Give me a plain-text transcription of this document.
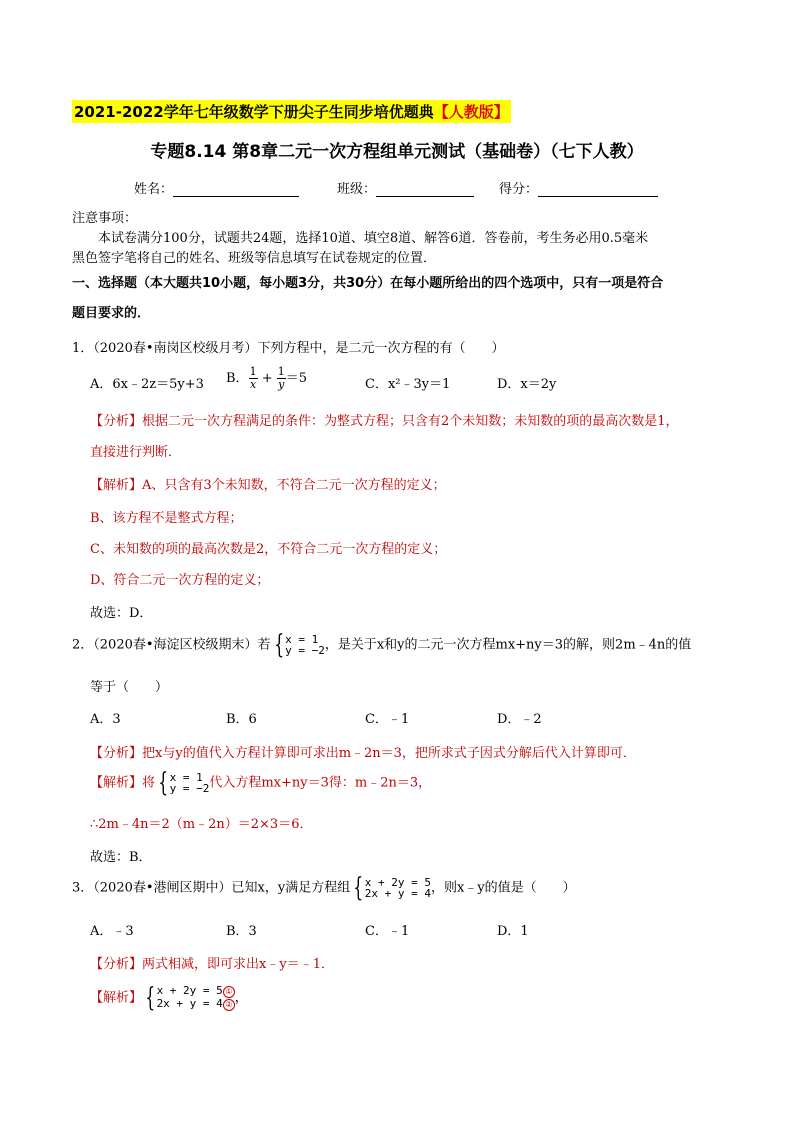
2021-2022学年七年级数学下册尖子生同步培优题典【人教版】
专题8.14 第8章二元一次方程组单元测试（基础卷）（七下人教）
姓名：	班级：	得分：
注意事项：
本试卷满分100分，试题共24题，选择10道、填空8道、解答6道．答卷前，考生务必用0.5毫米
黑色签字笔将自己的姓名、班级等信息填写在试卷规定的位置．
一、选择题（本大题共10小题，每小题3分，共30分）在每小题所给出的四个选项中，只有一项是符合
题目要求的．
1．（2020春•南岗区校级月考）下列方程中，是二元一次方程的有（　　）
A．6x﹣2z＝5y+3 B． $\frac{1}{x} + \frac{1}{y} =5$	C．x²﹣3y＝1	D．x＝2y
【分析】根据二元一次方程满足的条件：为整式方程；只含有2个未知数；未知数的项的最高次数是1，
直接进行判断．
【解析】A、只含有3个未知数，不符合二元一次方程的定义；
B、该方程不是整式方程；
C、未知数的项的最高次数是2，不符合二元一次方程的定义；
D、符合二元一次方程的定义；
故选：D．
2．（2020春•海淀区校级期末）若 { x = 1
y = −2 ，是关于x和y的二元一次方程mx+ny＝3的解，则2m﹣4n的值
等于（　　）
A．3	B．6	C．﹣1	D．﹣2
【分析】把x与y的值代入方程计算即可求出m﹣2n＝3，把所求式子因式分解后代入计算即可．
【解析】将 { x = 1
y = −2 代入方程mx+ny＝3得：m﹣2n＝3，
∴2m﹣4n＝2（m﹣2n）＝2×3＝6．
故选：B．
3．（2020春•港闸区期中）已知x，y满足方程组 { x + 2y = 5
2x + y = 4 ，则x﹣y的值是（　　）
A．﹣3	B．3	C．﹣1	D．1
【分析】两式相减，即可求出x﹣y＝﹣1．
【解析】 { x + 2y = 5 ①
2x + y = 4 ② ，
